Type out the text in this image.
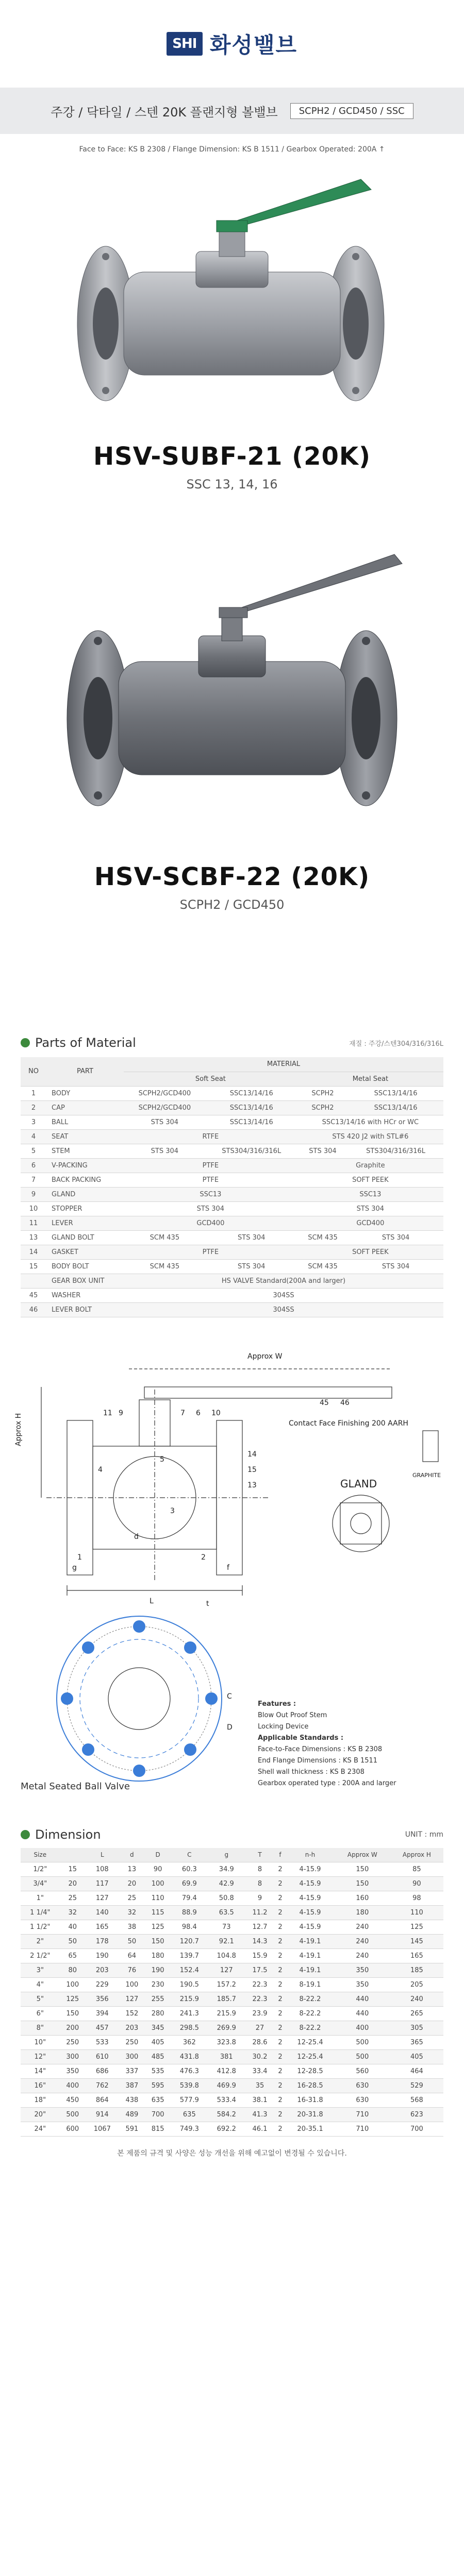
SHI 화성밸브
주강 / 닥타일 / 스텐 20K 플랜지형 볼밸브	SCPH2 / GCD450 / SSC
Face to Face: KS B 2308 / Flange Dimension: KS B 1511 / Gearbox Operated: 200A ↑
HSV-SUBF-21 (20K)
SSC 13, 14, 16
HSV-SCBF-22 (20K)
SCPH2 / GCD450
Parts of Material	재질 : 주강/스텐304/316/316L
NO	PART	MATERIAL			
		Soft Seat		Metal Seat	
1	BODY	SCPH2/GCD400	SSC13/14/16	SCPH2	SSC13/14/16
2	CAP	SCPH2/GCD400	SSC13/14/16	SCPH2	SSC13/14/16
3	BALL	STS 304	SSC13/14/16	SSC13/14/16 with HCr or WC	
4	SEAT	RTFE		STS 420 J2 with STL#6	
5	STEM	STS 304	STS304/316/316L	STS 304	STS304/316/316L
6	V-PACKING	PTFE		Graphite	
7	BACK PACKING	PTFE		SOFT PEEK	
9	GLAND	SSC13		SSC13	
10	STOPPER	STS 304		STS 304	
11	LEVER	GCD400		GCD400	
13	GLAND BOLT	SCM 435	STS 304	SCM 435	STS 304
14	GASKET	PTFE		SOFT PEEK	
15	BODY BOLT	SCM 435	STS 304	SCM 435	STS 304
	GEAR BOX UNIT	HS VALVE Standard(200A and larger)			
45	WASHER	304SS			
46	LEVER BOLT	304SS			
Approx W
Approx H
L
g	f
t
d
C
D
Contact Face Finishing 200 AARH
GLAND
GRAPHITE
11 9
4
7 6 10
14
15
13
1	2
3
5
45 46
Features :
Blow Out Proof Stem
Locking Device
Applicable Standards :
Face-to-Face Dimensions : KS B 2308
End Flange Dimensions : KS B 1511
Shell wall thickness : KS B 2308
Gearbox operated type : 200A and larger
Metal Seated Ball Valve
Dimension	UNIT : mm
Size		L	d	D	C	g	T	f	n-h	Approx W	Approx H
1/2"	15	108	13	90	60.3	34.9	8	2	4-15.9	150	85
3/4"	20	117	20	100	69.9	42.9	8	2	4-15.9	150	90
1"	25	127	25	110	79.4	50.8	9	2	4-15.9	160	98
1 1/4"	32	140	32	115	88.9	63.5	11.2	2	4-15.9	180	110
1 1/2"	40	165	38	125	98.4	73	12.7	2	4-15.9	240	125
2"	50	178	50	150	120.7	92.1	14.3	2	4-19.1	240	145
2 1/2"	65	190	64	180	139.7	104.8	15.9	2	4-19.1	240	165
3"	80	203	76	190	152.4	127	17.5	2	4-19.1	350	185
4"	100	229	100	230	190.5	157.2	22.3	2	8-19.1	350	205
5"	125	356	127	255	215.9	185.7	22.3	2	8-22.2	440	240
6"	150	394	152	280	241.3	215.9	23.9	2	8-22.2	440	265
8"	200	457	203	345	298.5	269.9	27	2	8-22.2	400	305
10"	250	533	250	405	362	323.8	28.6	2	12-25.4	500	365
12"	300	610	300	485	431.8	381	30.2	2	12-25.4	500	405
14"	350	686	337	535	476.3	412.8	33.4	2	12-28.5	560	464
16"	400	762	387	595	539.8	469.9	35	2	16-28.5	630	529
18"	450	864	438	635	577.9	533.4	38.1	2	16-31.8	630	568
20"	500	914	489	700	635	584.2	41.3	2	20-31.8	710	623
24"	600	1067	591	815	749.3	692.2	46.1	2	20-35.1	710	700
본 제품의 규격 및 사양은 성능 개선을 위해 예고없이 변경될 수 있습니다.
